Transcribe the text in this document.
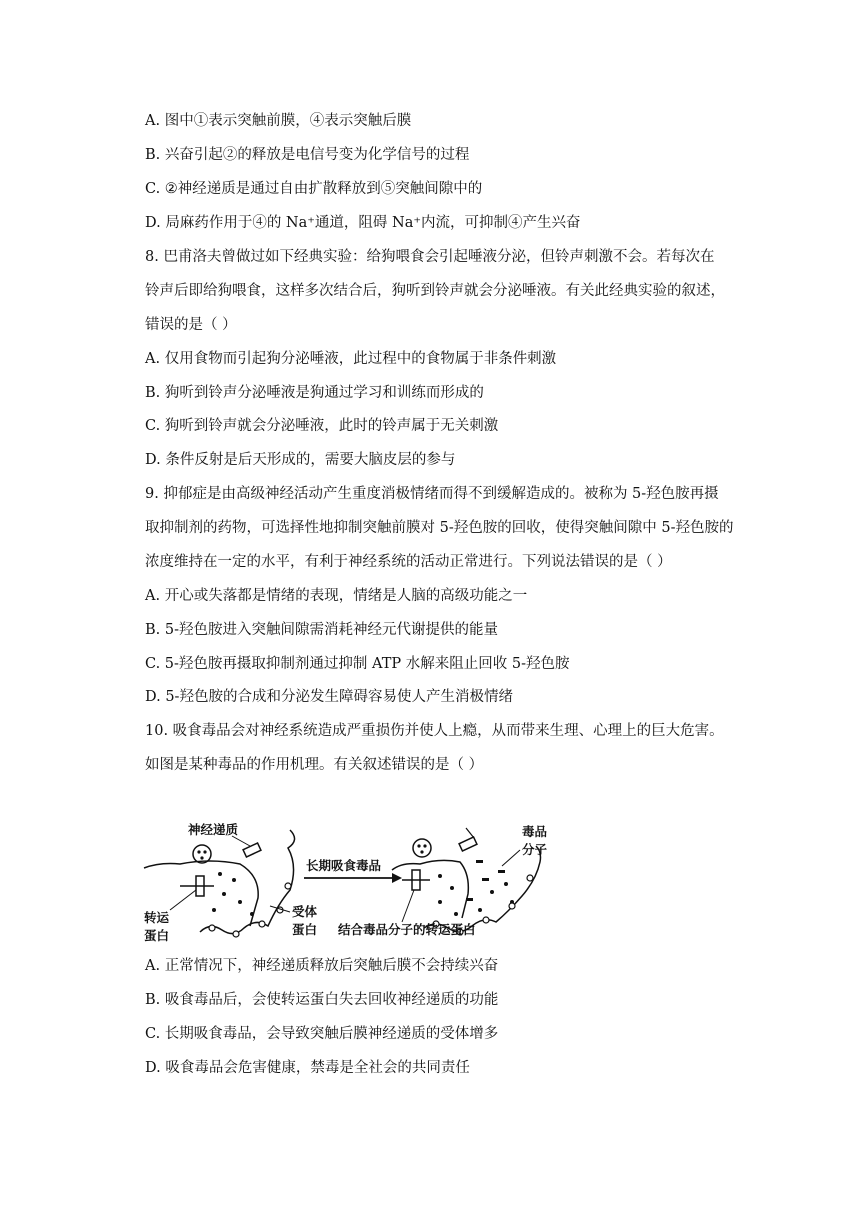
A. 图中①表示突触前膜，④表示突触后膜
B. 兴奋引起②的释放是电信号变为化学信号的过程
C. ②神经递质是通过自由扩散释放到⑤突触间隙中的
D. 局麻药作用于④的 Na⁺通道，阻碍 Na⁺内流，可抑制④产生兴奋
8. 巴甫洛夫曾做过如下经典实验：给狗喂食会引起唾液分泌，但铃声刺激不会。若每次在
铃声后即给狗喂食，这样多次结合后，狗听到铃声就会分泌唾液。有关此经典实验的叙述，
错误的是（ ）
A. 仅用食物而引起狗分泌唾液，此过程中的食物属于非条件刺激
B. 狗听到铃声分泌唾液是狗通过学习和训练而形成的
C. 狗听到铃声就会分泌唾液，此时的铃声属于无关刺激
D. 条件反射是后天形成的，需要大脑皮层的参与
9. 抑郁症是由高级神经活动产生重度消极情绪而得不到缓解造成的。被称为 5-羟色胺再摄
取抑制剂的药物，可选择性地抑制突触前膜对 5-羟色胺的回收，使得突触间隙中 5-羟色胺的
浓度维持在一定的水平，有利于神经系统的活动正常进行。下列说法错误的是（ ）
A. 开心或失落都是情绪的表现，情绪是人脑的高级功能之一
B. 5-羟色胺进入突触间隙需消耗神经元代谢提供的能量
C. 5-羟色胺再摄取抑制剂通过抑制 ATP 水解来阻止回收 5-羟色胺
D. 5-羟色胺的合成和分泌发生障碍容易使人产生消极情绪
10. 吸食毒品会对神经系统造成严重损伤并使人上瘾，从而带来生理、心理上的巨大危害。
如图是某种毒品的作用机理。有关叙述错误的是（ ）
神经递质
转运
蛋白
受体
蛋白
长期吸食毒品
毒品
分子
结合毒品分子的转运蛋白
A. 正常情况下，神经递质释放后突触后膜不会持续兴奋
B. 吸食毒品后，会使转运蛋白失去回收神经递质的功能
C. 长期吸食毒品，会导致突触后膜神经递质的受体增多
D. 吸食毒品会危害健康，禁毒是全社会的共同责任
